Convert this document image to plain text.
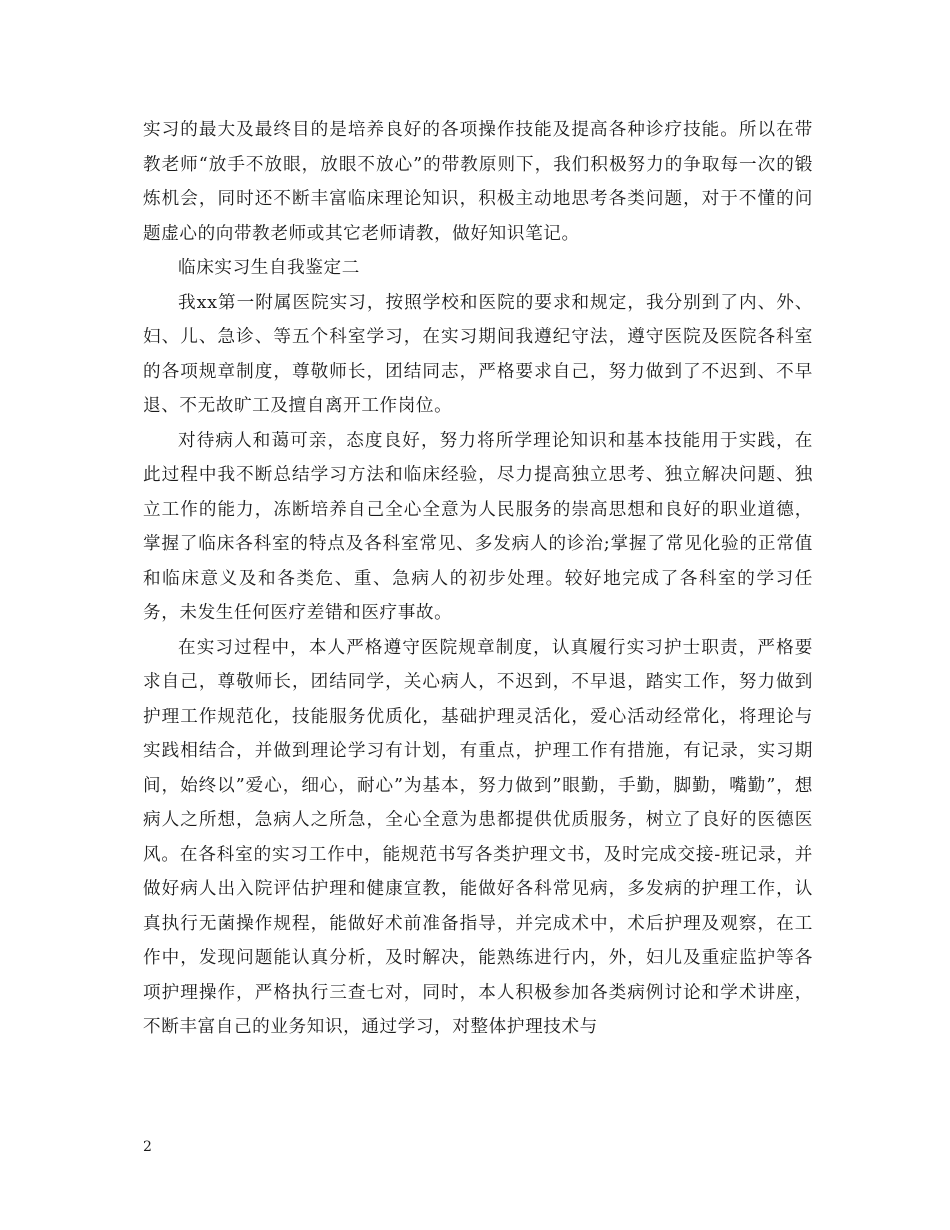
实习的最大及最终目的是培养良好的各项操作技能及提高各种诊疗技能。所以在带教老师“放手不放眼，放眼不放心”的带教原则下，我们积极努力的争取每一次的锻炼机会，同时还不断丰富临床理论知识，积极主动地思考各类问题，对于不懂的问题虚心的向带教老师或其它老师请教，做好知识笔记。

临床实习生自我鉴定二

我xx第一附属医院实习，按照学校和医院的要求和规定，我分别到了内、外、妇、儿、急诊、等五个科室学习，在实习期间我遵纪守法，遵守医院及医院各科室的各项规章制度，尊敬师长，团结同志，严格要求自己，努力做到了不迟到、不早退、不无故旷工及擅自离开工作岗位。

对待病人和蔼可亲，态度良好，努力将所学理论知识和基本技能用于实践，在此过程中我不断总结学习方法和临床经验，尽力提高独立思考、独立解决问题、独立工作的能力，冻断培养自己全心全意为人民服务的崇高思想和良好的职业道德，掌握了临床各科室的特点及各科室常见、多发病人的诊治;掌握了常见化验的正常值和临床意义及和各类危、重、急病人的初步处理。较好地完成了各科室的学习任务，未发生任何医疗差错和医疗事故。

在实习过程中，本人严格遵守医院规章制度，认真履行实习护士职责，严格要求自己，尊敬师长，团结同学，关心病人，不迟到，不早退，踏实工作，努力做到护理工作规范化，技能服务优质化，基础护理灵活化，爱心活动经常化，将理论与实践相结合，并做到理论学习有计划，有重点，护理工作有措施，有记录，实习期间，始终以”爱心，细心，耐心”为基本，努力做到”眼勤，手勤，脚勤，嘴勤”，想病人之所想，急病人之所急，全心全意为患都提供优质服务，树立了良好的医德医风。在各科室的实习工作中，能规范书写各类护理文书，及时完成交接-班记录，并做好病人出入院评估护理和健康宣教，能做好各科常见病，多发病的护理工作，认真执行无菌操作规程，能做好术前准备指导，并完成术中，术后护理及观察，在工作中，发现问题能认真分析，及时解决，能熟练进行内，外，妇儿及重症监护等各项护理操作，严格执行三查七对，同时，本人积极参加各类病例讨论和学术讲座，不断丰富自己的业务知识，通过学习，对整体护理技术与

2
